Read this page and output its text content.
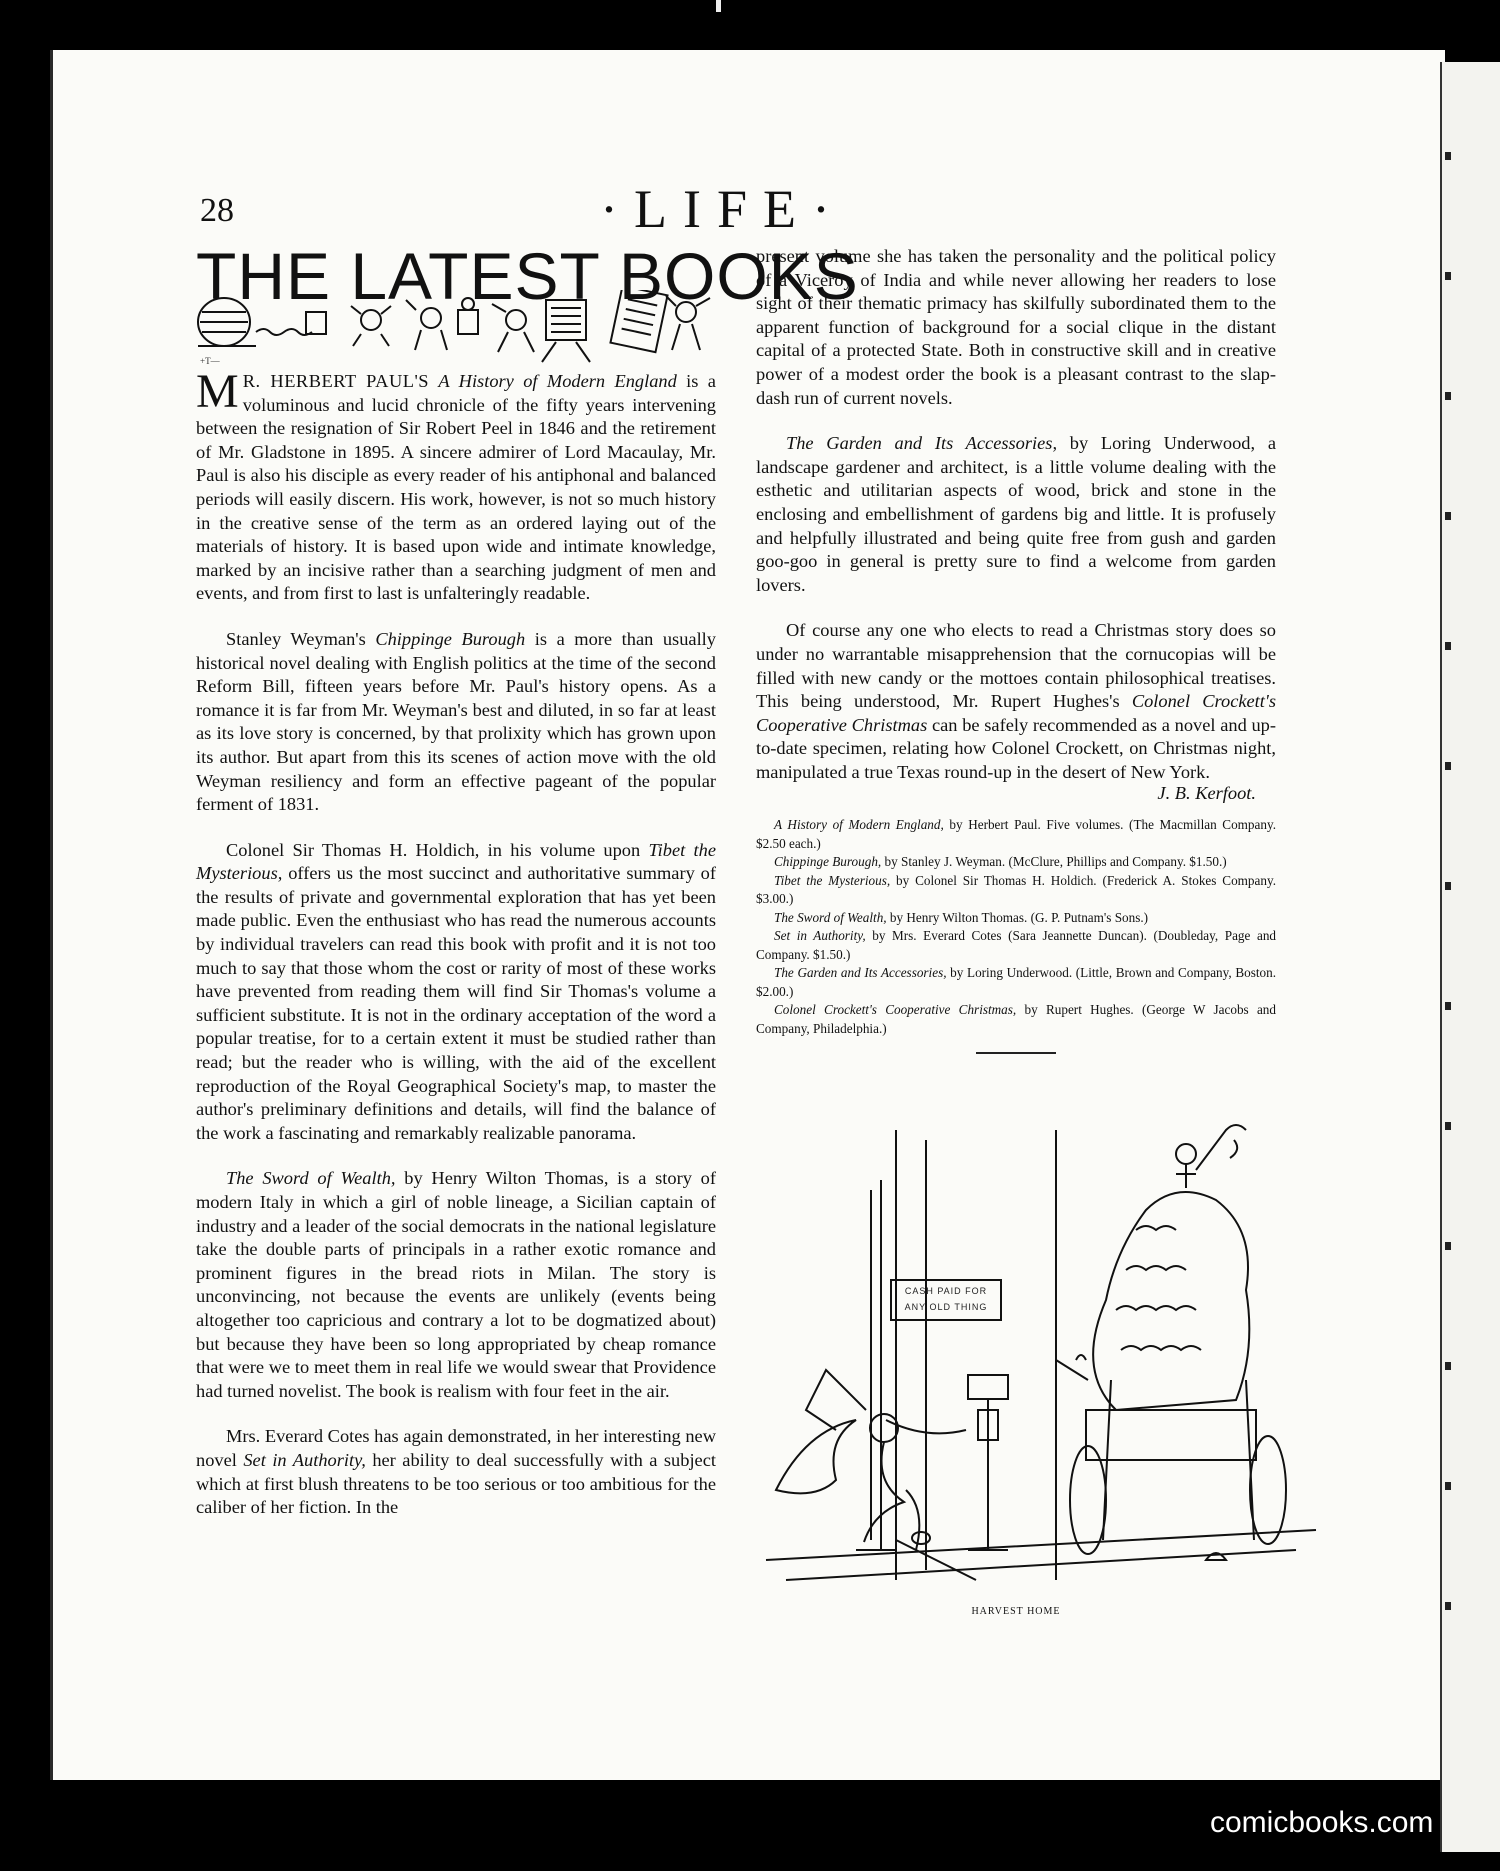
28	·LIFE·
THE LATEST BOOKS
+T—

M R. HERBERT PAUL'S A History of Modern England is a voluminous and lucid chronicle of the fifty years intervening between the resignation of Sir Robert Peel in 1846 and the retirement of Mr. Gladstone in 1895. A sincere admirer of Lord Macaulay, Mr. Paul is also his disciple as every reader of his antiphonal and balanced periods will easily discern. His work, however, is not so much history in the creative sense of the term as an ordered laying out of the materials of history. It is based upon wide and intimate knowledge, marked by an incisive rather than a searching judgment of men and events, and from first to last is unfalteringly readable.

Stanley Weyman's Chippinge Burough is a more than usually historical novel dealing with English politics at the time of the second Reform Bill, fifteen years before Mr. Paul's history opens. As a romance it is far from Mr. Weyman's best and diluted, in so far at least as its love story is concerned, by that prolixity which has grown upon its author. But apart from this its scenes of action move with the old Weyman resiliency and form an effective pageant of the popular ferment of 1831.

Colonel Sir Thomas H. Holdich, in his volume upon Tibet the Mysterious, offers us the most succinct and authoritative summary of the results of private and governmental exploration that has yet been made public. Even the enthusiast who has read the numerous accounts by individual travelers can read this book with profit and it is not too much to say that those whom the cost or rarity of most of these works have prevented from reading them will find Sir Thomas's volume a sufficient substitute. It is not in the ordinary acceptation of the word a popular treatise, for to a certain extent it must be studied rather than read; but the reader who is willing, with the aid of the excellent reproduction of the Royal Geographical Society's map, to master the author's preliminary definitions and details, will find the balance of the work a fascinating and remarkably realizable panorama.

The Sword of Wealth, by Henry Wilton Thomas, is a story of modern Italy in which a girl of noble lineage, a Sicilian captain of industry and a leader of the social democrats in the national legislature take the double parts of principals in a rather exotic romance and prominent figures in the bread riots in Milan. The story is unconvincing, not because the events are unlikely (events being altogether too capricious and contrary a lot to be dogmatized about) but because they have been so long appropriated by cheap romance that were we to meet them in real life we would swear that Providence had turned novelist. The book is realism with four feet in the air.

Mrs. Everard Cotes has again demonstrated, in her interesting new novel Set in Authority, her ability to deal successfully with a subject which at first blush threatens to be too serious or too ambitious for the caliber of her fiction. In the

present volume she has taken the personality and the political policy of a Viceroy of India and while never allowing her readers to lose sight of their thematic primacy has skilfully subordinated them to the apparent function of background for a social clique in the distant capital of a protected State. Both in constructive skill and in creative power of a modest order the book is a pleasant contrast to the slap-dash run of current novels.

The Garden and Its Accessories, by Loring Underwood, a landscape gardener and architect, is a little volume dealing with the esthetic and utilitarian aspects of wood, brick and stone in the enclosing and embellishment of gardens big and little. It is profusely and helpfully illustrated and being quite free from gush and garden goo-goo in general is pretty sure to find a welcome from garden lovers.

Of course any one who elects to read a Christmas story does so under no warrantable misapprehension that the cornucopias will be filled with new candy or the mottoes contain philosophical treatises. This being understood, Mr. Rupert Hughes's Colonel Crockett's Cooperative Christmas can be safely recommended as a novel and up-to-date specimen, relating how Colonel Crockett, on Christmas night, manipulated a true Texas round-up in the desert of New York.

J. B. Kerfoot.

A History of Modern England, by Herbert Paul. Five volumes. (The Macmillan Company. $2.50 each.)
Chippinge Burough, by Stanley J. Weyman. (McClure, Phillips and Company. $1.50.)
Tibet the Mysterious, by Colonel Sir Thomas H. Holdich. (Frederick A. Stokes Company. $3.00.)
The Sword of Wealth, by Henry Wilton Thomas. (G. P. Putnam's Sons.)
Set in Authority, by Mrs. Everard Cotes (Sara Jeannette Duncan). (Doubleday, Page and Company. $1.50.)
The Garden and Its Accessories, by Loring Underwood. (Little, Brown and Company, Boston. $2.00.)
Colonel Crockett's Cooperative Christmas, by Rupert Hughes. (George W Jacobs and Company, Philadelphia.)
CASH PAID FOR
ANY OLD THING
HARVEST HOME
comicbooks.com
